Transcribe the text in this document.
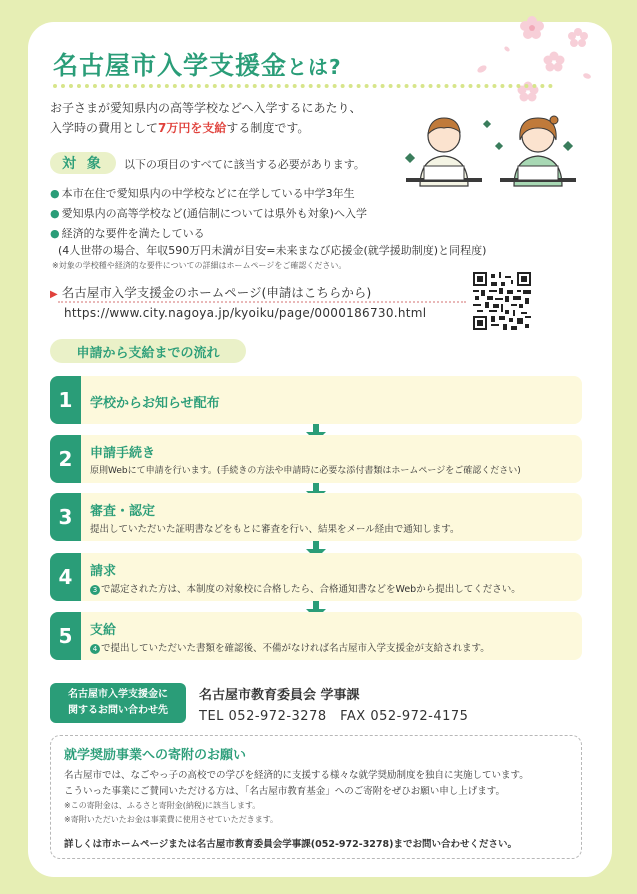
名古屋市入学支援金とは?
お子さまが愛知県内の高等学校などへ入学するにあたり、
入学時の費用として7万円を支給する制度です。
対 象	以下の項目のすべてに該当する必要があります。
● 本市在住で愛知県内の中学校などに在学している中学3年生
● 愛知県内の高等学校など(通信制については県外も対象)へ入学
● 経済的な要件を満たしている
(4人世帯の場合、年収590万円未満が目安=未来まなび応援金(就学援助制度)と同程度)
※対象の学校種や経済的な要件についての詳細はホームページをご確認ください。
▶ 名古屋市入学支援金のホームページ(申請はこちらから)
https://www.city.nagoya.jp/kyoiku/page/0000186730.html
申請から支給までの流れ
1	学校からお知らせ配布
2	申請手続き
原則Webにて申請を行います。(手続きの方法や申請時に必要な添付書類はホームページをご確認ください)
3	審査・認定
提出していただいた証明書などをもとに審査を行い、結果をメール経由で通知します。
4	請求
3 で認定された方は、本制度の対象校に合格したら、合格通知書などをWebから提出してください。
5	支給
4 で提出していただいた書類を確認後、不備がなければ名古屋市入学支援金が支給されます。
名古屋市入学支援金に
関するお問い合わせ先
名古屋市教育委員会 学事課
TEL 052-972-3278　FAX 052-972-4175
就学奨励事業への寄附のお願い
名古屋市では、なごやっ子の高校での学びを経済的に支援する様々な就学奨励制度を独自に実施しています。
こういった事業にご賛同いただける方は、「名古屋市教育基金」へのご寄附をぜひお願い申し上げます。
※この寄附金は、ふるさと寄附金(納税)に該当します。
※寄附いただいたお金は事業費に使用させていただきます。
詳しくは市ホームページまたは名古屋市教育委員会学事課(052-972-3278)までお問い合わせください。
